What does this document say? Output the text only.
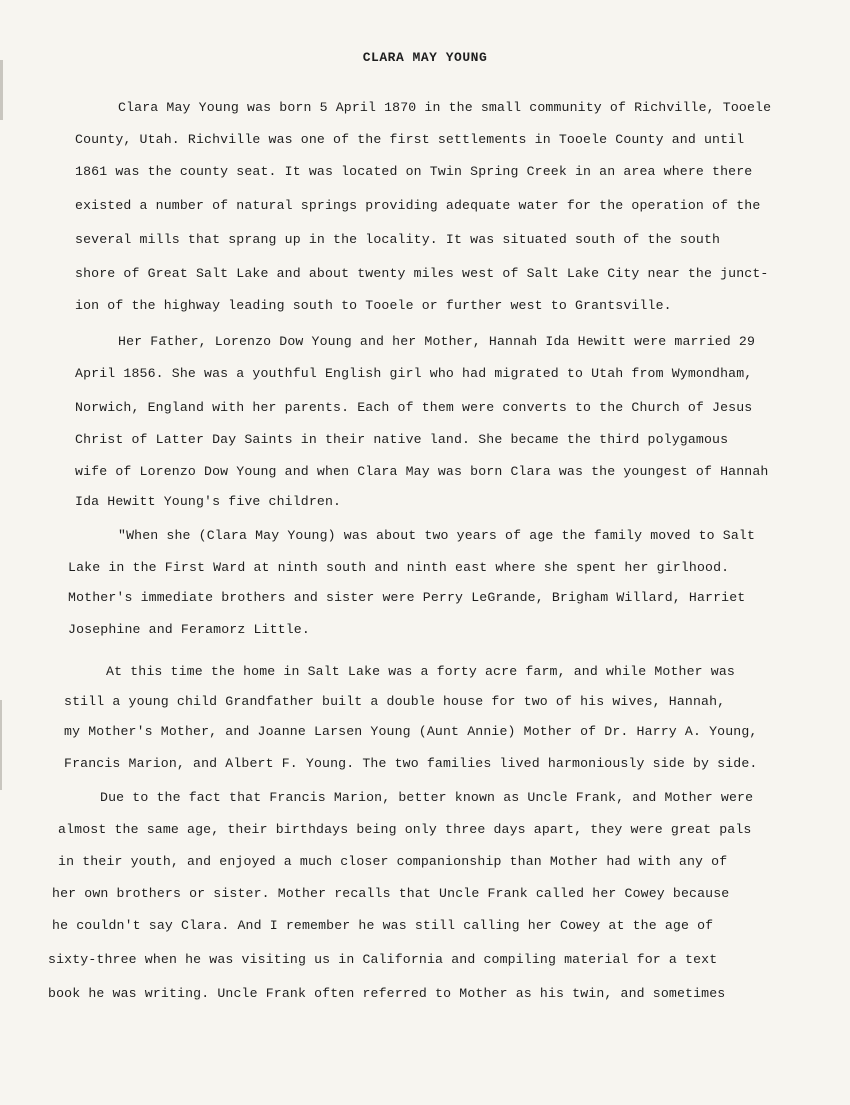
CLARA MAY YOUNG
Clara May Young was born 5 April 1870 in the small community of Richville, Tooele
County, Utah. Richville was one of the first settlements in Tooele County and until
1861 was the county seat. It was located on Twin Spring Creek in an area where there
existed a number of natural springs providing adequate water for the operation of the
several mills that sprang up in the locality. It was situated south of the south
shore of Great Salt Lake and about twenty miles west of Salt Lake City near the junct-
ion of the highway leading south to Tooele or further west to Grantsville.
Her Father, Lorenzo Dow Young and her Mother, Hannah Ida Hewitt were married 29
April 1856. She was a youthful English girl who had migrated to Utah from Wymondham,
Norwich, England with her parents. Each of them were converts to the Church of Jesus
Christ of Latter Day Saints in their native land. She became the third polygamous
wife of Lorenzo Dow Young and when Clara May was born Clara was the youngest of Hannah
Ida Hewitt Young's five children.
"When she (Clara May Young) was about two years of age the family moved to Salt
Lake in the First Ward at ninth south and ninth east where she spent her girlhood.
Mother's immediate brothers and sister were Perry LeGrande, Brigham Willard, Harriet
Josephine and Feramorz Little.
At this time the home in Salt Lake was a forty acre farm, and while Mother was
still a young child Grandfather built a double house for two of his wives, Hannah,
my Mother's Mother, and Joanne Larsen Young (Aunt Annie) Mother of Dr. Harry A. Young,
Francis Marion, and Albert F. Young. The two families lived harmoniously side by side.
Due to the fact that Francis Marion, better known as Uncle Frank, and Mother were
almost the same age, their birthdays being only three days apart, they were great pals
in their youth, and enjoyed a much closer companionship than Mother had with any of
her own brothers or sister. Mother recalls that Uncle Frank called her Cowey because
he couldn't say Clara. And I remember he was still calling her Cowey at the age of
sixty-three when he was visiting us in California and compiling material for a text
book he was writing. Uncle Frank often referred to Mother as his twin, and sometimes
